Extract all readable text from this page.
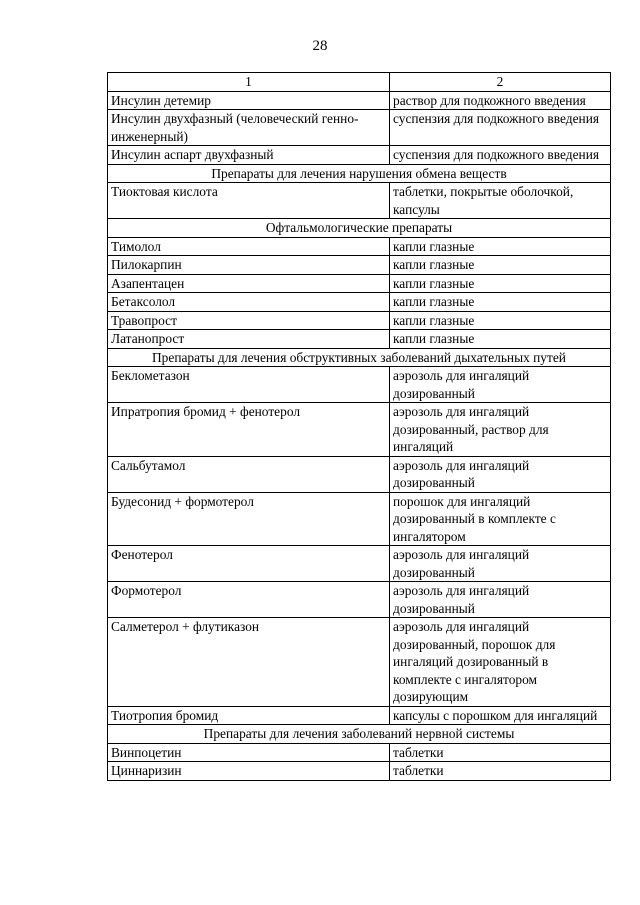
28
1	2
Инсулин детемир	раствор для подкожного введения
Инсулин двухфазный (человеческий генно-инженерный)	суспензия для подкожного введения
Инсулин аспарт двухфазный	суспензия для подкожного введения
Препараты для лечения нарушения обмена веществ	
Тиоктовая кислота	таблетки, покрытые оболочкой, капсулы
Офтальмологические препараты	
Тимолол	капли глазные
Пилокарпин	капли глазные
Азапентацен	капли глазные
Бетаксолол	капли глазные
Травопрост	капли глазные
Латанопрост	капли глазные
Препараты для лечения обструктивных заболеваний дыхательных путей	
Беклометазон	аэрозоль для ингаляций дозированный
Ипратропия бромид + фенотерол	аэрозоль для ингаляций дозированный, раствор для ингаляций
Сальбутамол	аэрозоль для ингаляций дозированный
Будесонид + формотерол	порошок для ингаляций дозированный в комплекте с ингалятором
Фенотерол	аэрозоль для ингаляций дозированный
Формотерол	аэрозоль для ингаляций дозированный
Салметерол + флутиказон	аэрозоль для ингаляций дозированный, порошок для ингаляций дозированный в комплекте с ингалятором дозирующим
Тиотропия бромид	капсулы с порошком для ингаляций
Препараты для лечения заболеваний нервной системы	
Винпоцетин	таблетки
Циннаризин	таблетки
